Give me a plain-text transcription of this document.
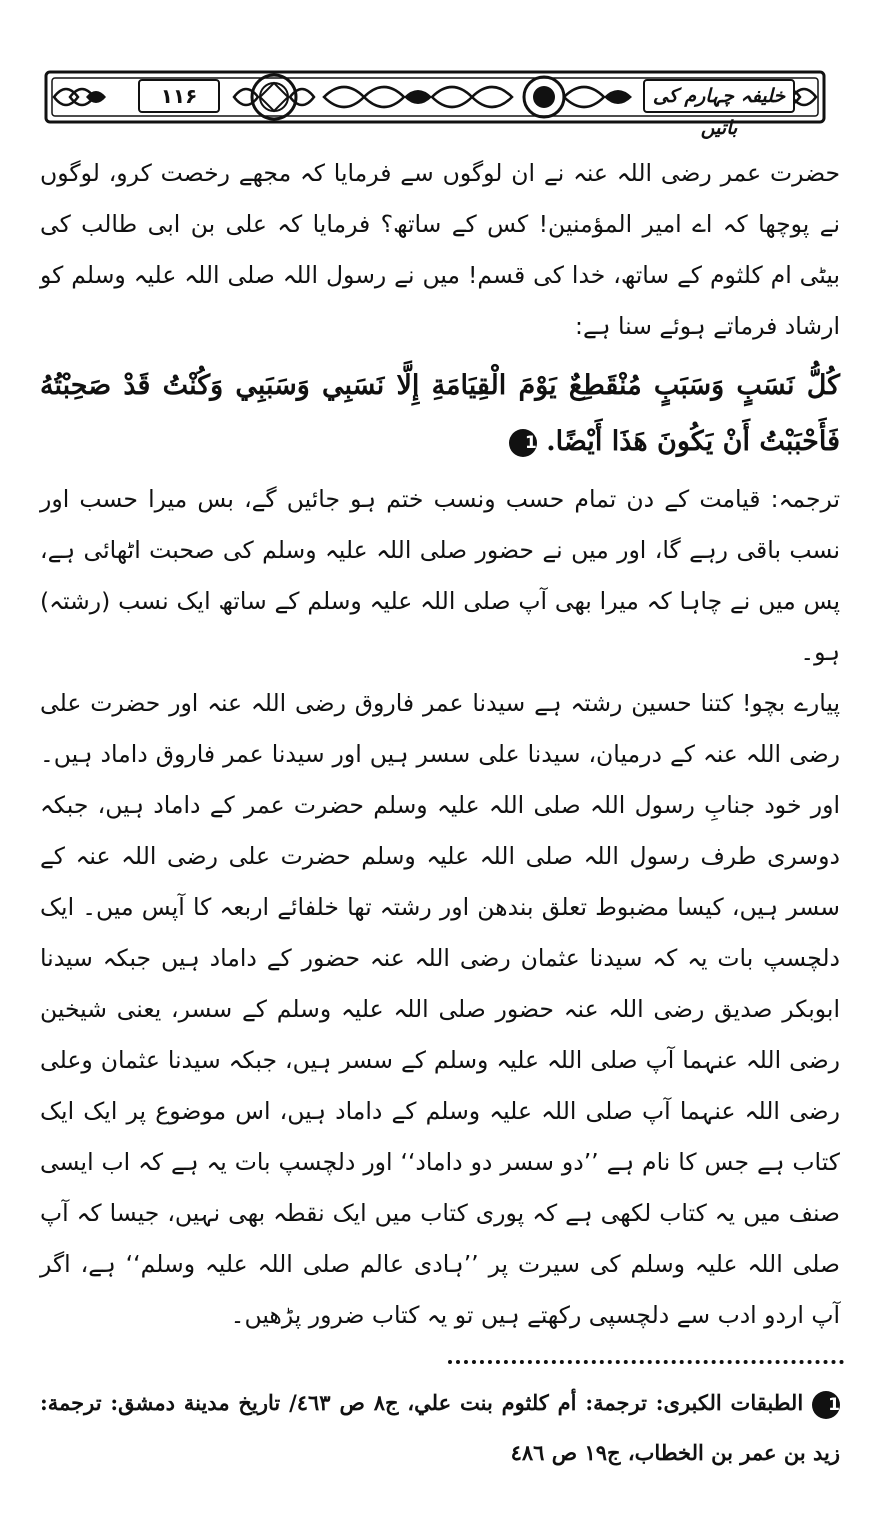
۱۱۶	خلیفہ چہارم کی باتیں

حضرت عمر رضی اللہ عنہ نے ان لوگوں سے فرمایا کہ مجھے رخصت کرو، لوگوں نے پوچھا کہ اے امیر المؤمنین! کس کے ساتھ؟ فرمایا کہ علی بن ابی طالب کی بیٹی ام کلثوم کے ساتھ، خدا کی قسم! میں نے رسول اللہ صلی اللہ علیہ وسلم کو ارشاد فرماتے ہوئے سنا ہے:

كُلُّ نَسَبٍ وَسَبَبٍ مُنْقَطِعٌ يَوْمَ الْقِيَامَةِ إِلَّا نَسَبِي وَسَبَبِي وَكُنْتُ قَدْ صَحِبْتُهُ فَأَحْبَبْتُ أَنْ يَكُونَ هَذَا أَيْضًا. 1

ترجمہ: قیامت کے دن تمام حسب ونسب ختم ہو جائیں گے، بس میرا حسب اور نسب باقی رہے گا، اور میں نے حضور صلی اللہ علیہ وسلم کی صحبت اٹھائی ہے، پس میں نے چاہا کہ میرا بھی آپ صلی اللہ علیہ وسلم کے ساتھ ایک نسب (رشتہ) ہو۔

پیارے بچو! کتنا حسین رشتہ ہے سیدنا عمر فاروق رضی اللہ عنہ اور حضرت علی رضی اللہ عنہ کے درمیان، سیدنا علی سسر ہیں اور سیدنا عمر فاروق داماد ہیں۔ اور خود جنابِ رسول اللہ صلی اللہ علیہ وسلم حضرت عمر کے داماد ہیں، جبکہ دوسری طرف رسول اللہ صلی اللہ علیہ وسلم حضرت علی رضی اللہ عنہ کے سسر ہیں، کیسا مضبوط تعلق بندھن اور رشتہ تھا خلفائے اربعہ کا آپس میں۔ ایک دلچسپ بات یہ کہ سیدنا عثمان رضی اللہ عنہ حضور کے داماد ہیں جبکہ سیدنا ابوبکر صدیق رضی اللہ عنہ حضور صلی اللہ علیہ وسلم کے سسر، یعنی شیخین رضی اللہ عنہما آپ صلی اللہ علیہ وسلم کے سسر ہیں، جبکہ سیدنا عثمان وعلی رضی اللہ عنہما آپ صلی اللہ علیہ وسلم کے داماد ہیں، اس موضوع پر ایک ایک کتاب ہے جس کا نام ہے ’’دو سسر دو داماد‘‘ اور دلچسپ بات یہ ہے کہ اب ایسی صنف میں یہ کتاب لکھی ہے کہ پوری کتاب میں ایک نقطہ بھی نہیں، جیسا کہ آپ صلی اللہ علیہ وسلم کی سیرت پر ’’ہادی عالم صلی اللہ علیہ وسلم‘‘ ہے، اگر آپ اردو ادب سے دلچسپی رکھتے ہیں تو یہ کتاب ضرور پڑھیں۔

1 الطبقات الكبرى: ترجمة: أم كلثوم بنت علي، ج٨ ص ٤٦٣/ تاريخ مدينة دمشق: ترجمة: زيد بن عمر بن الخطاب، ج١٩ ص ٤٨٦
